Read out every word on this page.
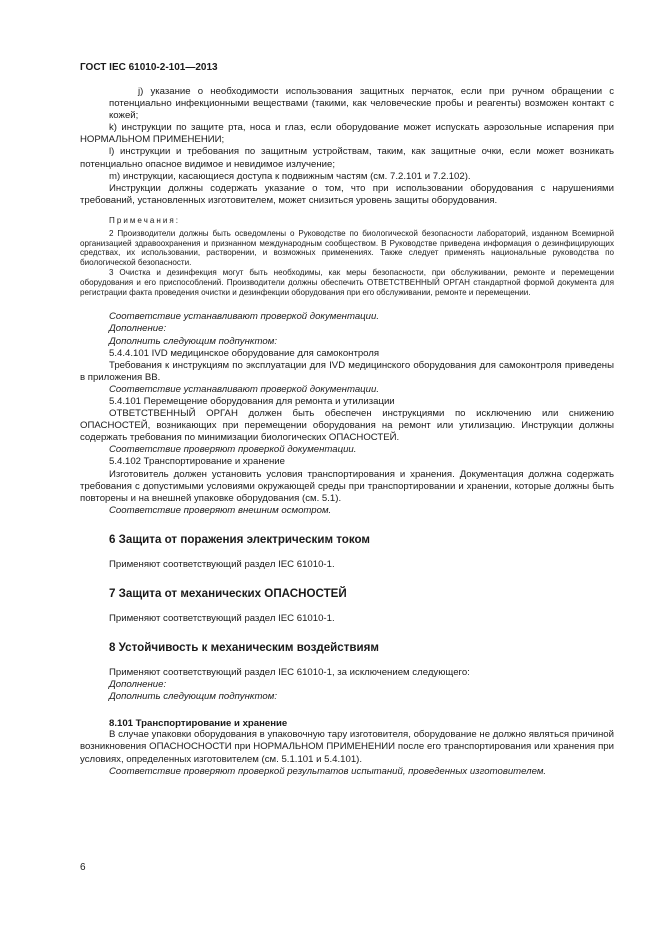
ГОСТ IEC 61010-2-101—2013

j) указание о необходимости использования защитных перчаток, если при ручном обращении с потенциально инфекционными веществами (такими, как человеческие пробы и реагенты) возможен контакт с кожей;

k) инструкции по защите рта, носа и глаз, если оборудование может испускать аэрозольные испарения при НОРМАЛЬНОМ ПРИМЕНЕНИИ;

l) инструкции и требования по защитным устройствам, таким, как защитные очки, если может возникать потенциально опасное видимое и невидимое излучение;

m) инструкции, касающиеся доступа к подвижным частям (см. 7.2.101 и 7.2.102).

Инструкции должны содержать указание о том, что при использовании оборудования с нарушениями требований, установленных изготовителем, может снизиться уровень защиты оборудования.

Примечания:

2 Производители должны быть осведомлены о Руководстве по биологической безопасности лабораторий, изданном Всемирной организацией здравоохранения и признанном международным сообществом. В Руководстве приведена информация о дезинфицирующих средствах, их использовании, растворении, и возможных применениях. Также следует применять национальные руководства по биологической безопасности.

3 Очистка и дезинфекция могут быть необходимы, как меры безопасности, при обслуживании, ремонте и перемещении оборудования и его приспособлений. Производители должны обеспечить ОТВЕТСТВЕННЫЙ ОРГАН стандартной формой документа для регистрации факта проведения очистки и дезинфекции оборудования при его обслуживании, ремонте и перемещении.

Соответствие устанавливают проверкой документации.

Дополнение:

Дополнить следующим подпунктом:

5.4.4.101 IVD медицинское оборудование для самоконтроля

Требования к инструкциям по эксплуатации для IVD медицинского оборудования для самоконтроля приведены в приложения ВВ.

Соответствие устанавливают проверкой документации.

5.4.101 Перемещение оборудования для ремонта и утилизации

ОТВЕТСТВЕННЫЙ ОРГАН должен быть обеспечен инструкциями по исключению или снижению ОПАСНОСТЕЙ, возникающих при перемещении оборудования на ремонт или утилизацию. Инструкции должны содержать требования по минимизации биологических ОПАСНОСТЕЙ.

Соответствие проверяют проверкой документации.

5.4.102 Транспортирование и хранение

Изготовитель должен установить условия транспортирования и хранения. Документация должна содержать требования с допустимыми условиями окружающей среды при транспортировании и хранении, которые должны быть повторены и на внешней упаковке оборудования (см. 5.1).

Соответствие проверяют внешним осмотром.

6 Защита от поражения электрическим током

Применяют соответствующий раздел IEC 61010-1.

7 Защита от механических ОПАСНОСТЕЙ

Применяют соответствующий раздел IEC 61010-1.

8 Устойчивость к механическим воздействиям

Применяют соответствующий раздел IEC 61010-1, за исключением следующего:

Дополнение:

Дополнить следующим подпунктом:

8.101 Транспортирование и хранение

В случае упаковки оборудования в упаковочную тару изготовителя, оборудование не должно являться причиной возникновения ОПАСНОСНОСТИ при НОРМАЛЬНОМ ПРИМЕНЕНИИ после его транспортирования или хранения при условиях, определенных изготовителем (см. 5.1.101 и 5.4.101).

Соответствие проверяют проверкой результатов испытаний, проведенных изготовителем.

6
